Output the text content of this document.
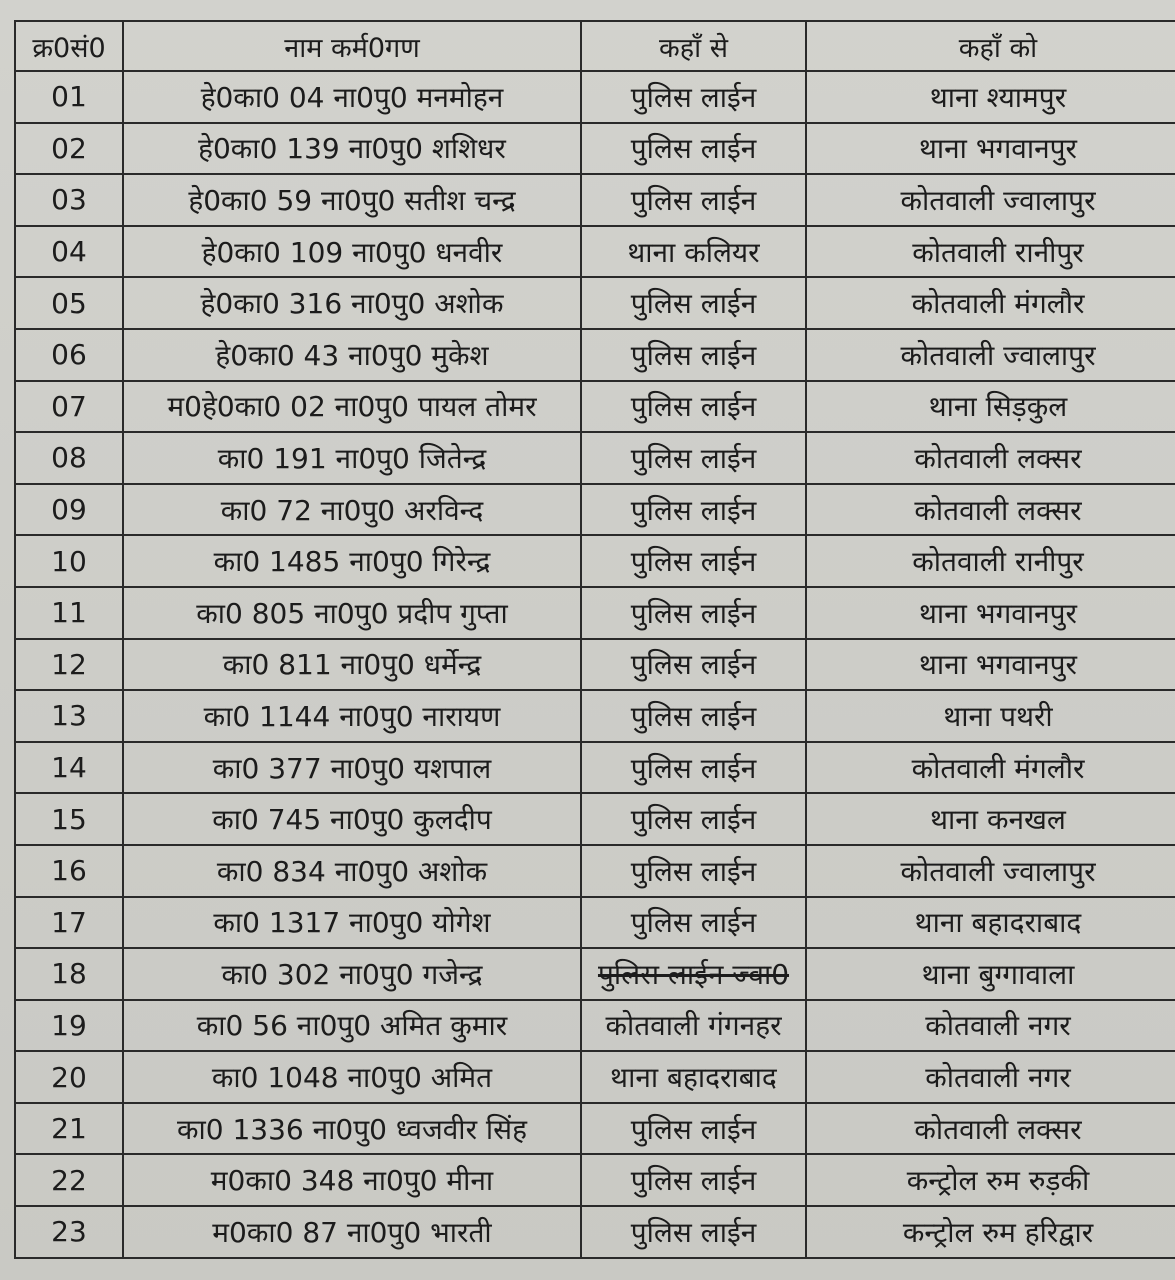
क्र0सं0	नाम कर्म0गण	कहाँ से	कहाँ को
01	हे0का0 04 ना0पु0 मनमोहन	पुलिस लाईन	थाना श्यामपुर
02	हे0का0 139 ना0पु0 शशिधर	पुलिस लाईन	थाना भगवानपुर
03	हे0का0 59 ना0पु0 सतीश चन्द्र	पुलिस लाईन	कोतवाली ज्वालापुर
04	हे0का0 109 ना0पु0 धनवीर	थाना कलियर	कोतवाली रानीपुर
05	हे0का0 316 ना0पु0 अशोक	पुलिस लाईन	कोतवाली मंगलौर
06	हे0का0 43 ना0पु0 मुकेश	पुलिस लाईन	कोतवाली ज्वालापुर
07	म0हे0का0 02 ना0पु0 पायल तोमर	पुलिस लाईन	थाना सिड़कुल
08	का0 191 ना0पु0 जितेन्द्र	पुलिस लाईन	कोतवाली लक्सर
09	का0 72 ना0पु0 अरविन्द	पुलिस लाईन	कोतवाली लक्सर
10	का0 1485 ना0पु0 गिरेन्द्र	पुलिस लाईन	कोतवाली रानीपुर
11	का0 805 ना0पु0 प्रदीप गुप्ता	पुलिस लाईन	थाना भगवानपुर
12	का0 811 ना0पु0 धर्मेन्द्र	पुलिस लाईन	थाना भगवानपुर
13	का0 1144 ना0पु0 नारायण	पुलिस लाईन	थाना पथरी
14	का0 377 ना0पु0 यशपाल	पुलिस लाईन	कोतवाली मंगलौर
15	का0 745 ना0पु0 कुलदीप	पुलिस लाईन	थाना कनखल
16	का0 834 ना0पु0 अशोक	पुलिस लाईन	कोतवाली ज्वालापुर
17	का0 1317 ना0पु0 योगेश	पुलिस लाईन	थाना बहादराबाद
18	का0 302 ना0पु0 गजेन्द्र	पुलिस लाईन ज्वा0	थाना बुग्गावाला
19	का0 56 ना0पु0 अमित कुमार	कोतवाली गंगनहर	कोतवाली नगर
20	का0 1048 ना0पु0 अमित	थाना बहादराबाद	कोतवाली नगर
21	का0 1336 ना0पु0 ध्वजवीर सिंह	पुलिस लाईन	कोतवाली लक्सर
22	म0का0 348 ना0पु0 मीना	पुलिस लाईन	कन्ट्रोल रुम रुड़की
23	म0का0 87 ना0पु0 भारती	पुलिस लाईन	कन्ट्रोल रुम हरिद्वार
